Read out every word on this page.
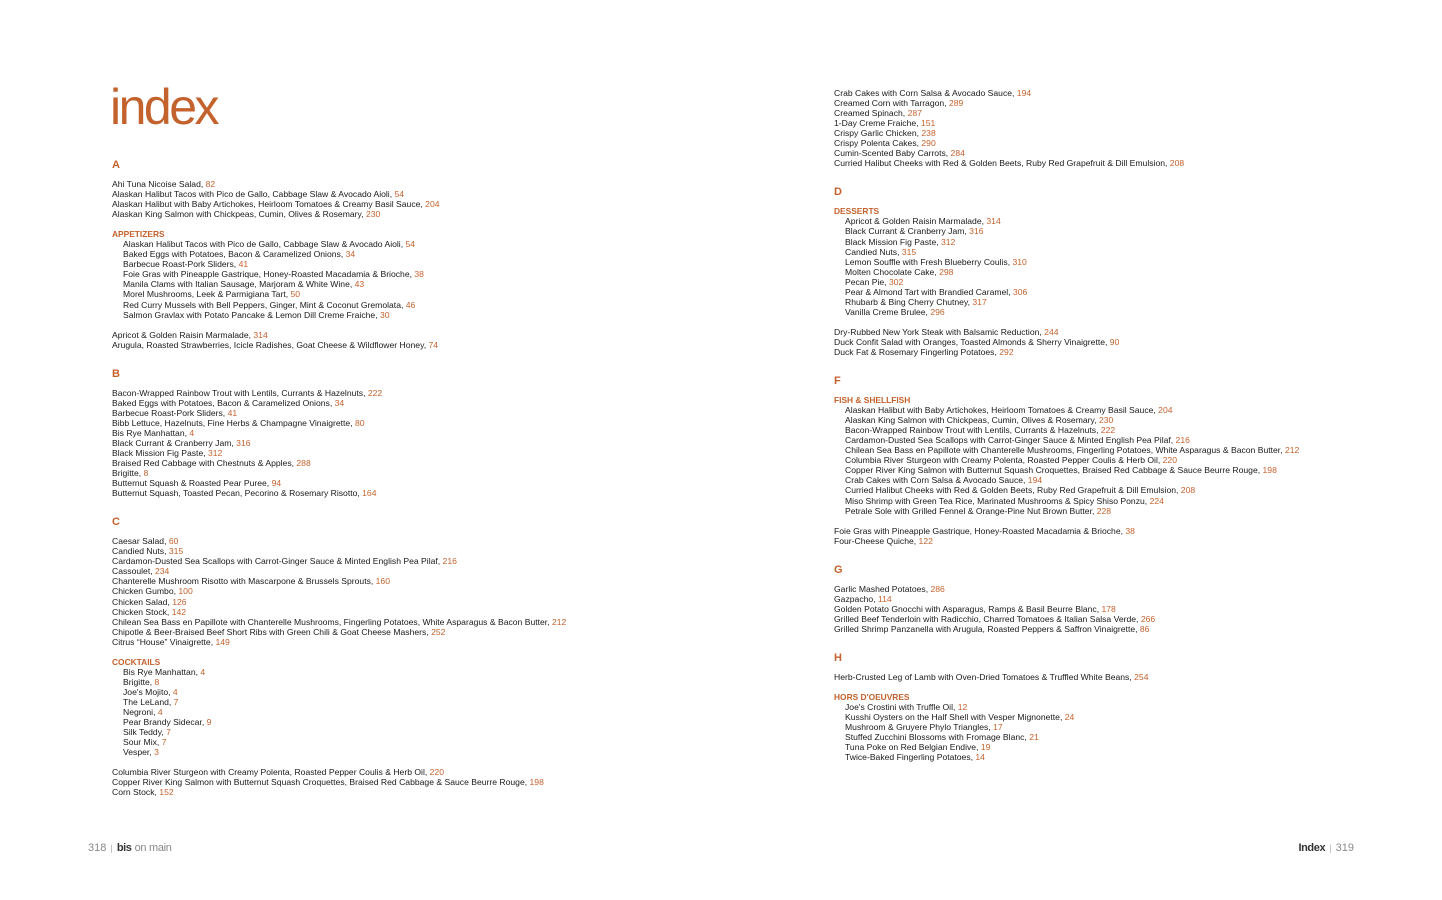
index
A
Ahi Tuna Nicoise Salad, 82
Alaskan Halibut Tacos with Pico de Gallo, Cabbage Slaw & Avocado Aioli, 54
Alaskan Halibut with Baby Artichokes, Heirloom Tomatoes & Creamy Basil Sauce, 204
Alaskan King Salmon with Chickpeas, Cumin, Olives & Rosemary, 230
APPETIZERS
Alaskan Halibut Tacos with Pico de Gallo, Cabbage Slaw & Avocado Aioli, 54
Baked Eggs with Potatoes, Bacon & Caramelized Onions, 34
Barbecue Roast-Pork Sliders, 41
Foie Gras with Pineapple Gastrique, Honey-Roasted Macadamia & Brioche, 38
Manila Clams with Italian Sausage, Marjoram & White Wine, 43
Morel Mushrooms, Leek & Parmigiana Tart, 50
Red Curry Mussels with Bell Peppers, Ginger, Mint & Coconut Gremolata, 46
Salmon Gravlax with Potato Pancake & Lemon Dill Creme Fraiche, 30
Apricot & Golden Raisin Marmalade, 314
Arugula, Roasted Strawberries, Icicle Radishes, Goat Cheese & Wildflower Honey, 74
B
Bacon-Wrapped Rainbow Trout with Lentils, Currants & Hazelnuts, 222
Baked Eggs with Potatoes, Bacon & Caramelized Onions, 34
Barbecue Roast-Pork Sliders, 41
Bibb Lettuce, Hazelnuts, Fine Herbs & Champagne Vinaigrette, 80
Bis Rye Manhattan, 4
Black Currant & Cranberry Jam, 316
Black Mission Fig Paste, 312
Braised Red Cabbage with Chestnuts & Apples, 288
Brigitte, 8
Butternut Squash & Roasted Pear Puree, 94
Butternut Squash, Toasted Pecan, Pecorino & Rosemary Risotto, 164
C
Caesar Salad, 60
Candied Nuts, 315
Cardamon-Dusted Sea Scallops with Carrot-Ginger Sauce & Minted English Pea Pilaf, 216
Cassoulet, 234
Chanterelle Mushroom Risotto with Mascarpone & Brussels Sprouts, 160
Chicken Gumbo, 100
Chicken Salad, 126
Chicken Stock, 142
Chilean Sea Bass en Papillote with Chanterelle Mushrooms, Fingerling Potatoes, White Asparagus & Bacon Butter, 212
Chipotle & Beer-Braised Beef Short Ribs with Green Chili & Goat Cheese Mashers, 252
Citrus “House” Vinaigrette, 149
COCKTAILS
Bis Rye Manhattan, 4
Brigitte, 8
Joe's Mojito, 4
The LeLand, 7
Negroni, 4
Pear Brandy Sidecar, 9
Silk Teddy, 7
Sour Mix, 7
Vesper, 3
Columbia River Sturgeon with Creamy Polenta, Roasted Pepper Coulis & Herb Oil, 220
Copper River King Salmon with Butternut Squash Croquettes, Braised Red Cabbage & Sauce Beurre Rouge, 198
Corn Stock, 152
Crab Cakes with Corn Salsa & Avocado Sauce, 194
Creamed Corn with Tarragon, 289
Creamed Spinach, 287
1-Day Creme Fraiche, 151
Crispy Garlic Chicken, 238
Crispy Polenta Cakes, 290
Cumin-Scented Baby Carrots, 284
Curried Halibut Cheeks with Red & Golden Beets, Ruby Red Grapefruit & Dill Emulsion, 208
D
DESSERTS
Apricot & Golden Raisin Marmalade, 314
Black Currant & Cranberry Jam, 316
Black Mission Fig Paste, 312
Candied Nuts, 315
Lemon Souffle with Fresh Blueberry Coulis, 310
Molten Chocolate Cake, 298
Pecan Pie, 302
Pear & Almond Tart with Brandied Caramel, 306
Rhubarb & Bing Cherry Chutney, 317
Vanilla Creme Brulee, 296
Dry-Rubbed New York Steak with Balsamic Reduction, 244
Duck Confit Salad with Oranges, Toasted Almonds & Sherry Vinaigrette, 90
Duck Fat & Rosemary Fingerling Potatoes, 292
F
FISH & SHELLFISH
Alaskan Halibut with Baby Artichokes, Heirloom Tomatoes & Creamy Basil Sauce, 204
Alaskan King Salmon with Chickpeas, Cumin, Olives & Rosemary, 230
Bacon-Wrapped Rainbow Trout with Lentils, Currants & Hazelnuts, 222
Cardamon-Dusted Sea Scallops with Carrot-Ginger Sauce & Minted English Pea Pilaf, 216
Chilean Sea Bass en Papillote with Chanterelle Mushrooms, Fingerling Potatoes, White Asparagus & Bacon Butter, 212
Columbia River Sturgeon with Creamy Polenta, Roasted Pepper Coulis & Herb Oil, 220
Copper River King Salmon with Butternut Squash Croquettes, Braised Red Cabbage & Sauce Beurre Rouge, 198
Crab Cakes with Corn Salsa & Avocado Sauce, 194
Curried Halibut Cheeks with Red & Golden Beets, Ruby Red Grapefruit & Dill Emulsion, 208
Miso Shrimp with Green Tea Rice, Marinated Mushrooms & Spicy Shiso Ponzu, 224
Petrale Sole with Grilled Fennel & Orange-Pine Nut Brown Butter, 228
Foie Gras with Pineapple Gastrique, Honey-Roasted Macadamia & Brioche, 38
Four-Cheese Quiche, 122
G
Garlic Mashed Potatoes, 286
Gazpacho, 114
Golden Potato Gnocchi with Asparagus, Ramps & Basil Beurre Blanc, 178
Grilled Beef Tenderloin with Radicchio, Charred Tomatoes & Italian Salsa Verde, 266
Grilled Shrimp Panzanella with Arugula, Roasted Peppers & Saffron Vinaigrette, 86
H
Herb-Crusted Leg of Lamb with Oven-Dried Tomatoes & Truffled White Beans, 254
HORS D'OEUVRES
Joe's Crostini with Truffle Oil, 12
Kusshi Oysters on the Half Shell with Vesper Mignonette, 24
Mushroom & Gruyere Phylo Triangles, 17
Stuffed Zucchini Blossoms with Fromage Blanc, 21
Tuna Poke on Red Belgian Endive, 19
Twice-Baked Fingerling Potatoes, 14
318 | bis on main	Index | 319
